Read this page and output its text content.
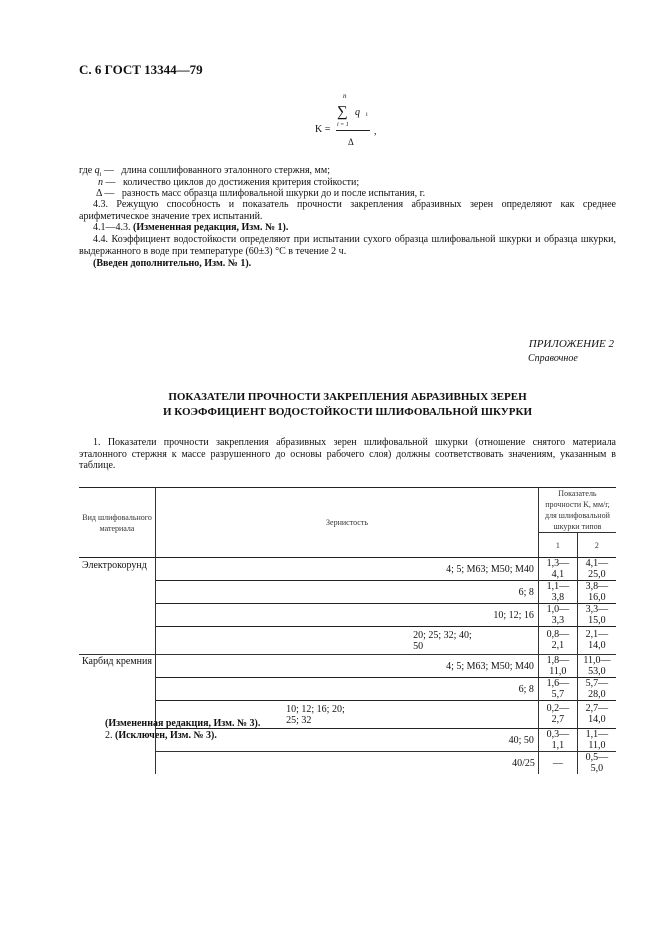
С. 6 ГОСТ 13344—79
n
∑ q i
i = 1
K =	,
Δ
где $q_i$ — длина сошлифованного эталонного стержня, мм;
n — количество циклов до достижения критерия стойкости;
Δ — разность масс образца шлифовальной шкурки до и после испытания, г.
4.3. Режущую способность и показатель прочности закрепления абразивных зерен определяют как среднее арифметическое значение трех испытаний.
4.1—4.3. (Измененная редакция, Изм. № 1).
4.4. Коэффициент водостойкости определяют при испытании сухого образца шлифовальной шкурки и образца шкурки, выдержанного в воде при температуре (60±3) °С в течение 2 ч.
(Введен дополнительно, Изм. № 1).
ПРИЛОЖЕНИЕ 2
Справочное
ПОКАЗАТЕЛИ ПРОЧНОСТИ ЗАКРЕПЛЕНИЯ АБРАЗИВНЫХ ЗЕРЕН
И КОЭФФИЦИЕНТ ВОДОСТОЙКОСТИ ШЛИФОВАЛЬНОЙ ШКУРКИ
1. Показатели прочности закрепления абразивных зерен шлифовальной шкурки (отношение снятого материала эталонного стержня к массе разрушенного до основы рабочего слоя) должны соответствовать значениям, указанным в таблице.
Вид шлифовального материала	Зернистость	Показатель прочности K, мм/г, для шлифовальной шкурки типов	
		1	2
Электрокорунд	4; 5; М63; М50; М40	1,3—4,1	4,1—25,0
	6; 8	1,1—3,8	3,8—16,0
	10; 12; 16	1,0—3,3	3,3—15,0

	20; 25; 32; 40; 50	0,8—2,1	2,1—14,0
Карбид кремния	4; 5; М63; М50; М40	1,8—11,0	11,0—53,0
	6; 8	1,6—5,7	5,7—28,0

	10; 12; 16; 20; 25; 32	0,2—2,7	2,7—14,0
	40; 50	0,3—1,1	1,1—11,0
	40/25	—	0,5—5,0
(Измененная редакция, Изм. № 3).
2. (Исключен, Изм. № 3).
